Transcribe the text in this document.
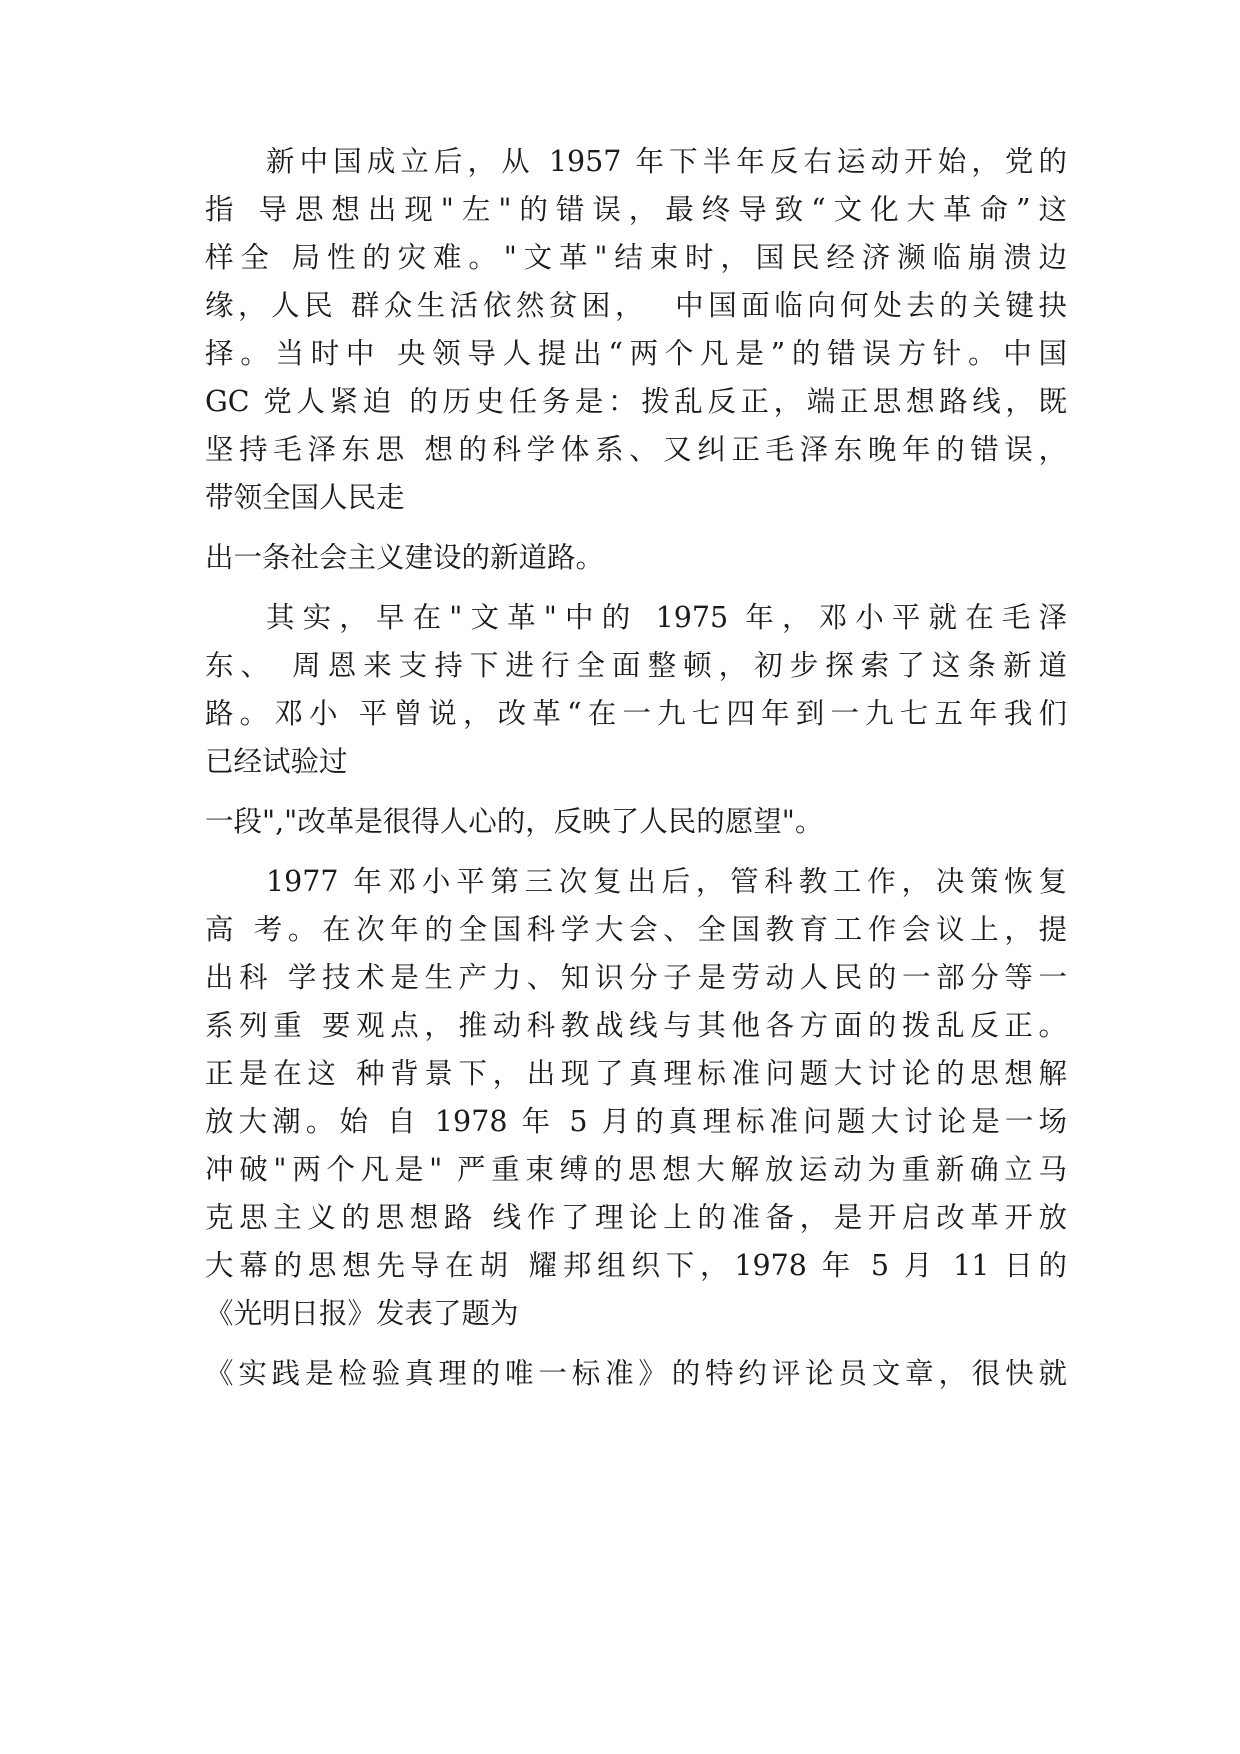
新中国成立后，从 1957 年下半年反右运动开始，党的
指 导思想出现"左"的错误，最终导致“文化大革命”这
样全 局性的灾难。"文革"结束时，国民经济濒临崩溃边
缘，人民 群众生活依然贫困，  中国面临向何处去的关键抉
择。当时中 央领导人提出“两个凡是”的错误方针。中国
GC 党人紧迫 的历史任务是：拨乱反正，端正思想路线，既
坚持毛泽东思 想的科学体系、又纠正毛泽东晚年的错误，
带领全国人民走
出一条社会主义建设的新道路。
其实，早在"文革"中的 1975 年，邓小平就在毛泽
东、 周恩来支持下进行全面整顿，初步探索了这条新道
路。邓小 平曾说，改革“在一九七四年到一九七五年我们
已经试验过
一段","改革是很得人心的，反映了人民的愿望"。
1977 年邓小平第三次复出后，管科教工作，决策恢复
高 考。在次年的全国科学大会、全国教育工作会议上，提
出科 学技术是生产力、知识分子是劳动人民的一部分等一
系列重 要观点，推动科教战线与其他各方面的拨乱反正。
正是在这 种背景下，出现了真理标准问题大讨论的思想解
放大潮。始 自 1978 年 5 月的真理标准问题大讨论是一场
冲破"两个凡是" 严重束缚的思想大解放运动为重新确立马
克思主义的思想路 线作了理论上的准备，是开启改革开放
大幕的思想先导在胡 耀邦组织下，1978 年 5 月 11 日的
《光明日报》发表了题为
《实践是检验真理的唯一标准》的特约评论员文章，很快就
